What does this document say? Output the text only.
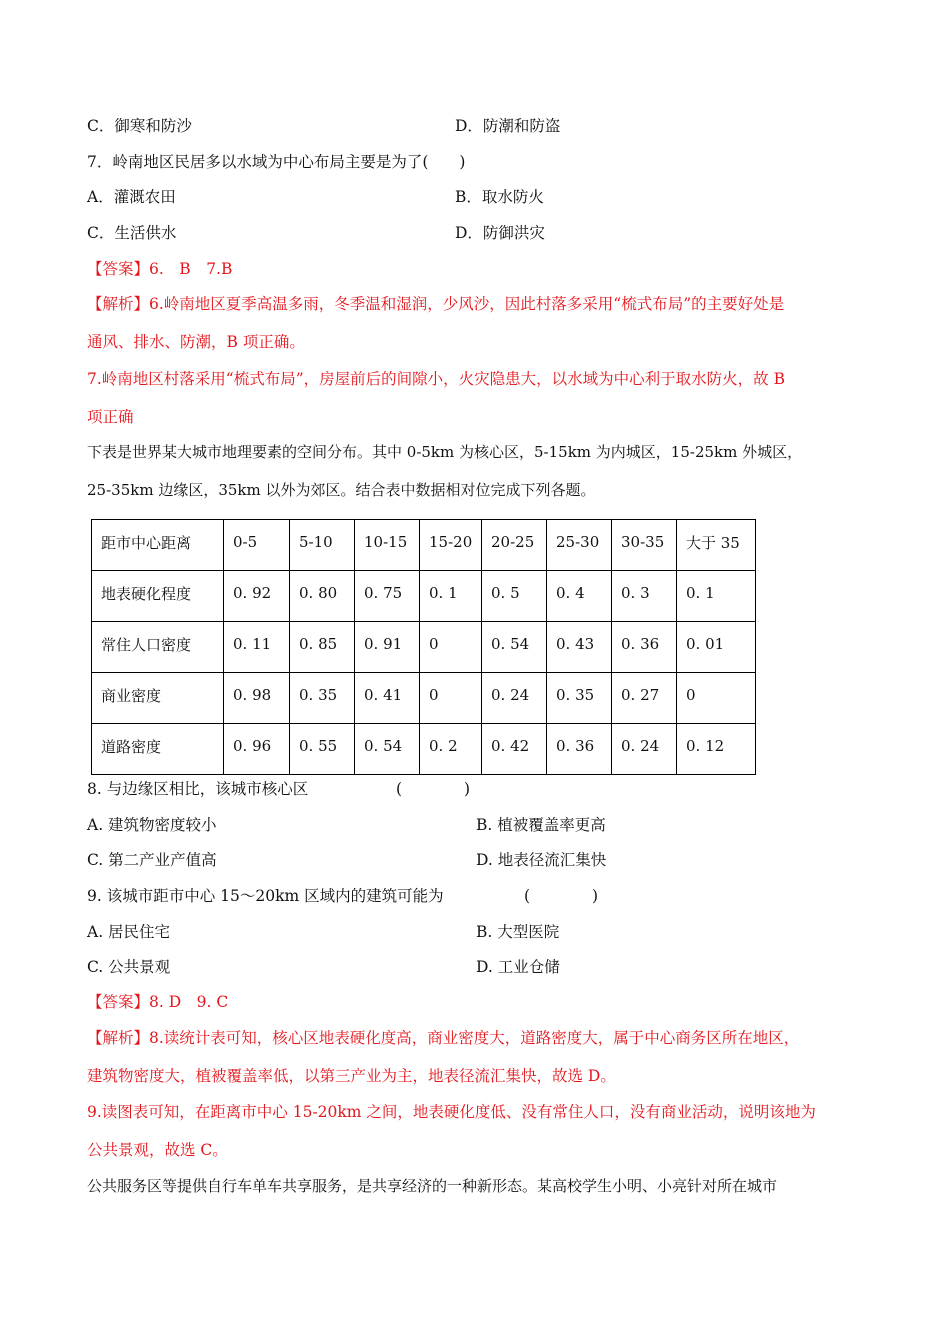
C．御寒和防沙	D．防潮和防盗
7．岭南地区民居多以水域为中心布局主要是为了(　　)
A．灌溉农田	B．取水防火
C．生活供水	D．防御洪灾
【答案】6.　B　7.B
【解析】6.岭南地区夏季高温多雨，冬季温和湿润，少风沙，因此村落多采用“梳式布局”的主要好处是
通风、排水、防潮，B 项正确。
7.岭南地区村落采用“梳式布局”，房屋前后的间隙小，火灾隐患大，以水域为中心利于取水防火，故 B
项正确
下表是世界某大城市地理要素的空间分布。其中 0-5km 为核心区，5-15km 为内城区，15-25km 外城区，
25-35km 边缘区，35km 以外为郊区。结合表中数据相对位完成下列各题。
距市中心距离	0-5	5-10	10-15	15-20	20-25	25-30	30-35	大于 35
地表硬化程度	0. 92	0. 80	0. 75	0. 1	0. 5	0. 4	0. 3	0. 1
常住人口密度	0. 11	0. 85	0. 91	0	0. 54	0. 43	0. 36	0. 01
商业密度	0. 98	0. 35	0. 41	0	0. 24	0. 35	0. 27	0
道路密度	0. 96	0. 55	0. 54	0. 2	0. 42	0. 36	0. 24	0. 12
8. 与边缘区相比，该城市核心区	(　　　　)
A. 建筑物密度较小	B. 植被覆盖率更高
C. 第二产业产值高	D. 地表径流汇集快
9. 该城市距市中心 15～20km 区域内的建筑可能为	(　　　　)
A. 居民住宅	B. 大型医院
C. 公共景观	D. 工业仓储
【答案】8. D　9. C
【解析】8.读统计表可知，核心区地表硬化度高，商业密度大，道路密度大，属于中心商务区所在地区，
建筑物密度大，植被覆盖率低，以第三产业为主，地表径流汇集快，故选 D。
9.读图表可知，在距离市中心 15-20km 之间，地表硬化度低、没有常住人口，没有商业活动，说明该地为
公共景观，故选 C。
公共服务区等提供自行车单车共享服务，是共享经济的一种新形态。某高校学生小明、小亮针对所在城市
